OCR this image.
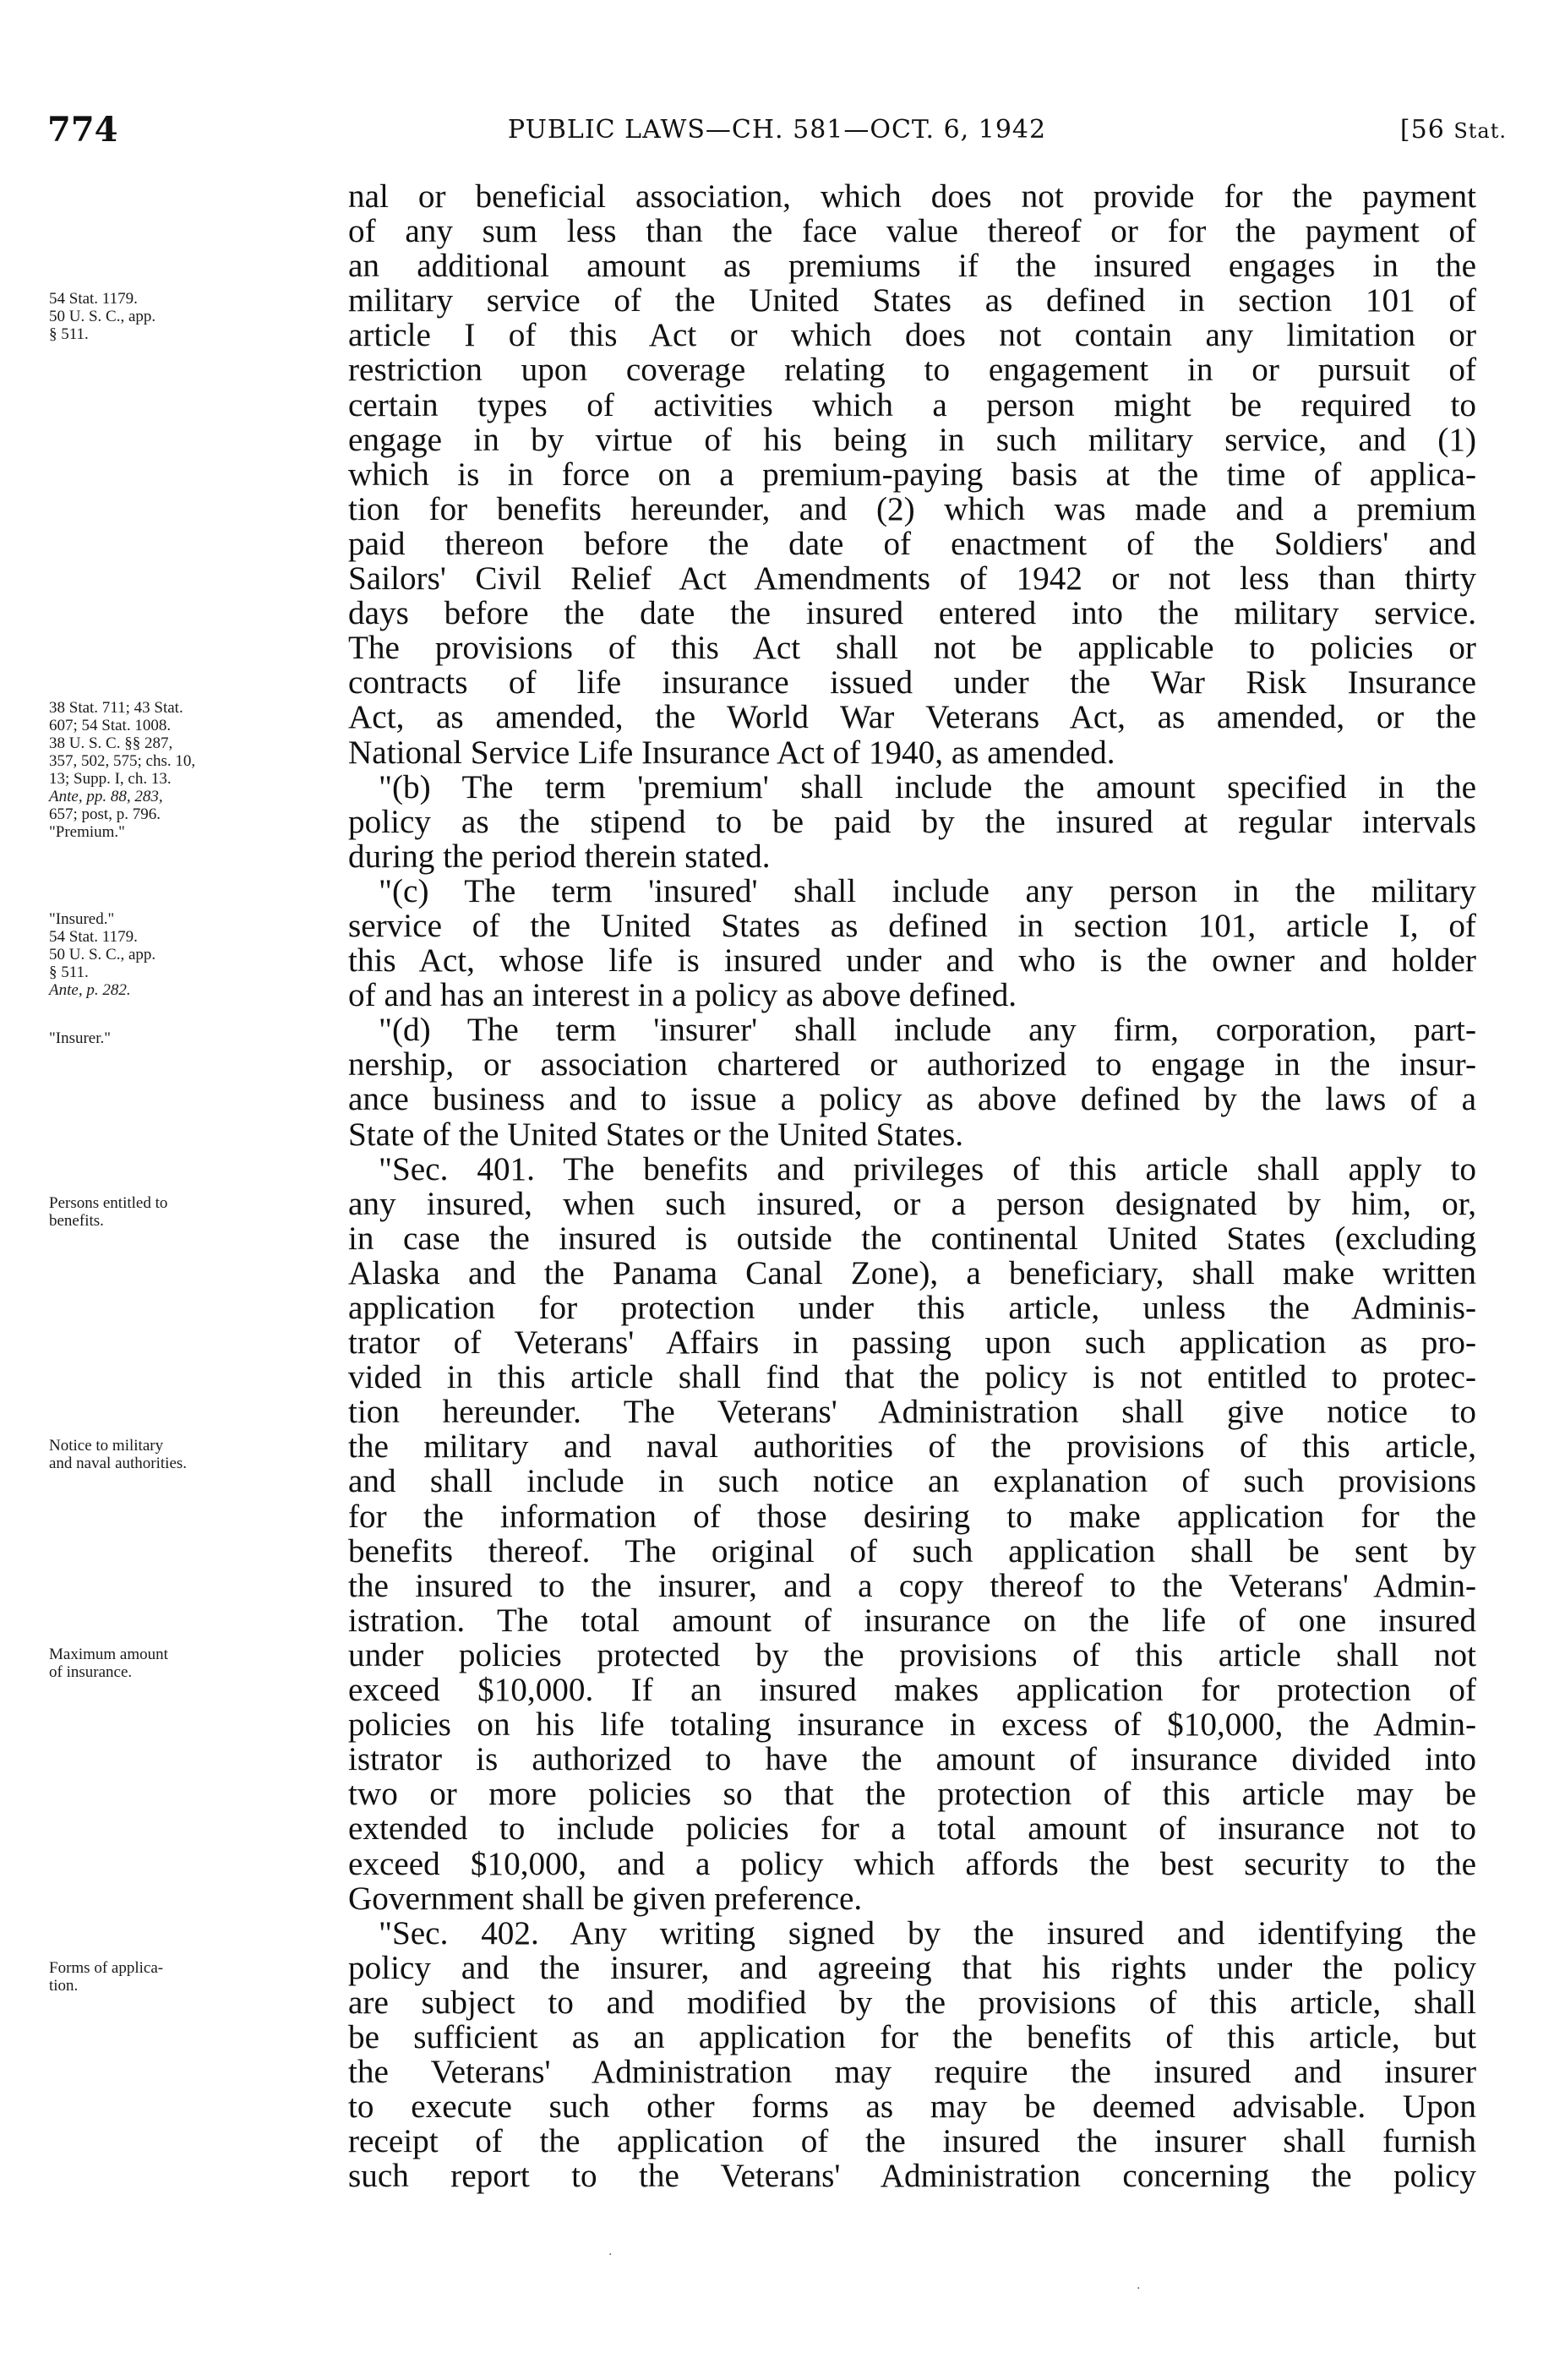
774	PUBLIC LAWS—CH. 581—OCT. 6, 1942	[56 Stat.
54 Stat. 1179.
50 U. S. C., app.
§ 511.
38 Stat. 711; 43 Stat.
607; 54 Stat. 1008.
38 U. S. C. §§ 287,
357, 502, 575; chs. 10,
13; Supp. I, ch. 13.
Ante, pp. 88, 283,
657; post, p. 796.
"Premium."
"Insured."
54 Stat. 1179.
50 U. S. C., app.
§ 511.
Ante, p. 282.
"Insurer."
Persons entitled to
benefits.
Notice to military
and naval authorities.
Maximum amount
of insurance.
Forms of applica-
tion.
nal or beneficial association, which does not provide for the payment
of any sum less than the face value thereof or for the payment of
an additional amount as premiums if the insured engages in the
military service of the United States as defined in section 101 of
article I of this Act or which does not contain any limitation or
restriction upon coverage relating to engagement in or pursuit of
certain types of activities which a person might be required to
engage in by virtue of his being in such military service, and (1)
which is in force on a premium-paying basis at the time of applica-
tion for benefits hereunder, and (2) which was made and a premium
paid thereon before the date of enactment of the Soldiers' and
Sailors' Civil Relief Act Amendments of 1942 or not less than thirty
days before the date the insured entered into the military service.
The provisions of this Act shall not be applicable to policies or
contracts of life insurance issued under the War Risk Insurance
Act, as amended, the World War Veterans Act, as amended, or the
National Service Life Insurance Act of 1940, as amended.
"(b) The term 'premium' shall include the amount specified in the
policy as the stipend to be paid by the insured at regular intervals
during the period therein stated.
"(c) The term 'insured' shall include any person in the military
service of the United States as defined in section 101, article I, of
this Act, whose life is insured under and who is the owner and holder
of and has an interest in a policy as above defined.
"(d) The term 'insurer' shall include any firm, corporation, part-
nership, or association chartered or authorized to engage in the insur-
ance business and to issue a policy as above defined by the laws of a
State of the United States or the United States.
"Sec. 401. The benefits and privileges of this article shall apply to
any insured, when such insured, or a person designated by him, or,
in case the insured is outside the continental United States (excluding
Alaska and the Panama Canal Zone), a beneficiary, shall make written
application for protection under this article, unless the Adminis-
trator of Veterans' Affairs in passing upon such application as pro-
vided in this article shall find that the policy is not entitled to protec-
tion hereunder. The Veterans' Administration shall give notice to
the military and naval authorities of the provisions of this article,
and shall include in such notice an explanation of such provisions
for the information of those desiring to make application for the
benefits thereof. The original of such application shall be sent by
the insured to the insurer, and a copy thereof to the Veterans' Admin-
istration. The total amount of insurance on the life of one insured
under policies protected by the provisions of this article shall not
exceed $10,000. If an insured makes application for protection of
policies on his life totaling insurance in excess of $10,000, the Admin-
istrator is authorized to have the amount of insurance divided into
two or more policies so that the protection of this article may be
extended to include policies for a total amount of insurance not to
exceed $10,000, and a policy which affords the best security to the
Government shall be given preference.
"Sec. 402. Any writing signed by the insured and identifying the
policy and the insurer, and agreeing that his rights under the policy
are subject to and modified by the provisions of this article, shall
be sufficient as an application for the benefits of this article, but
the Veterans' Administration may require the insured and insurer
to execute such other forms as may be deemed advisable. Upon
receipt of the application of the insured the insurer shall furnish
such report to the Veterans' Administration concerning the policy
·
·
